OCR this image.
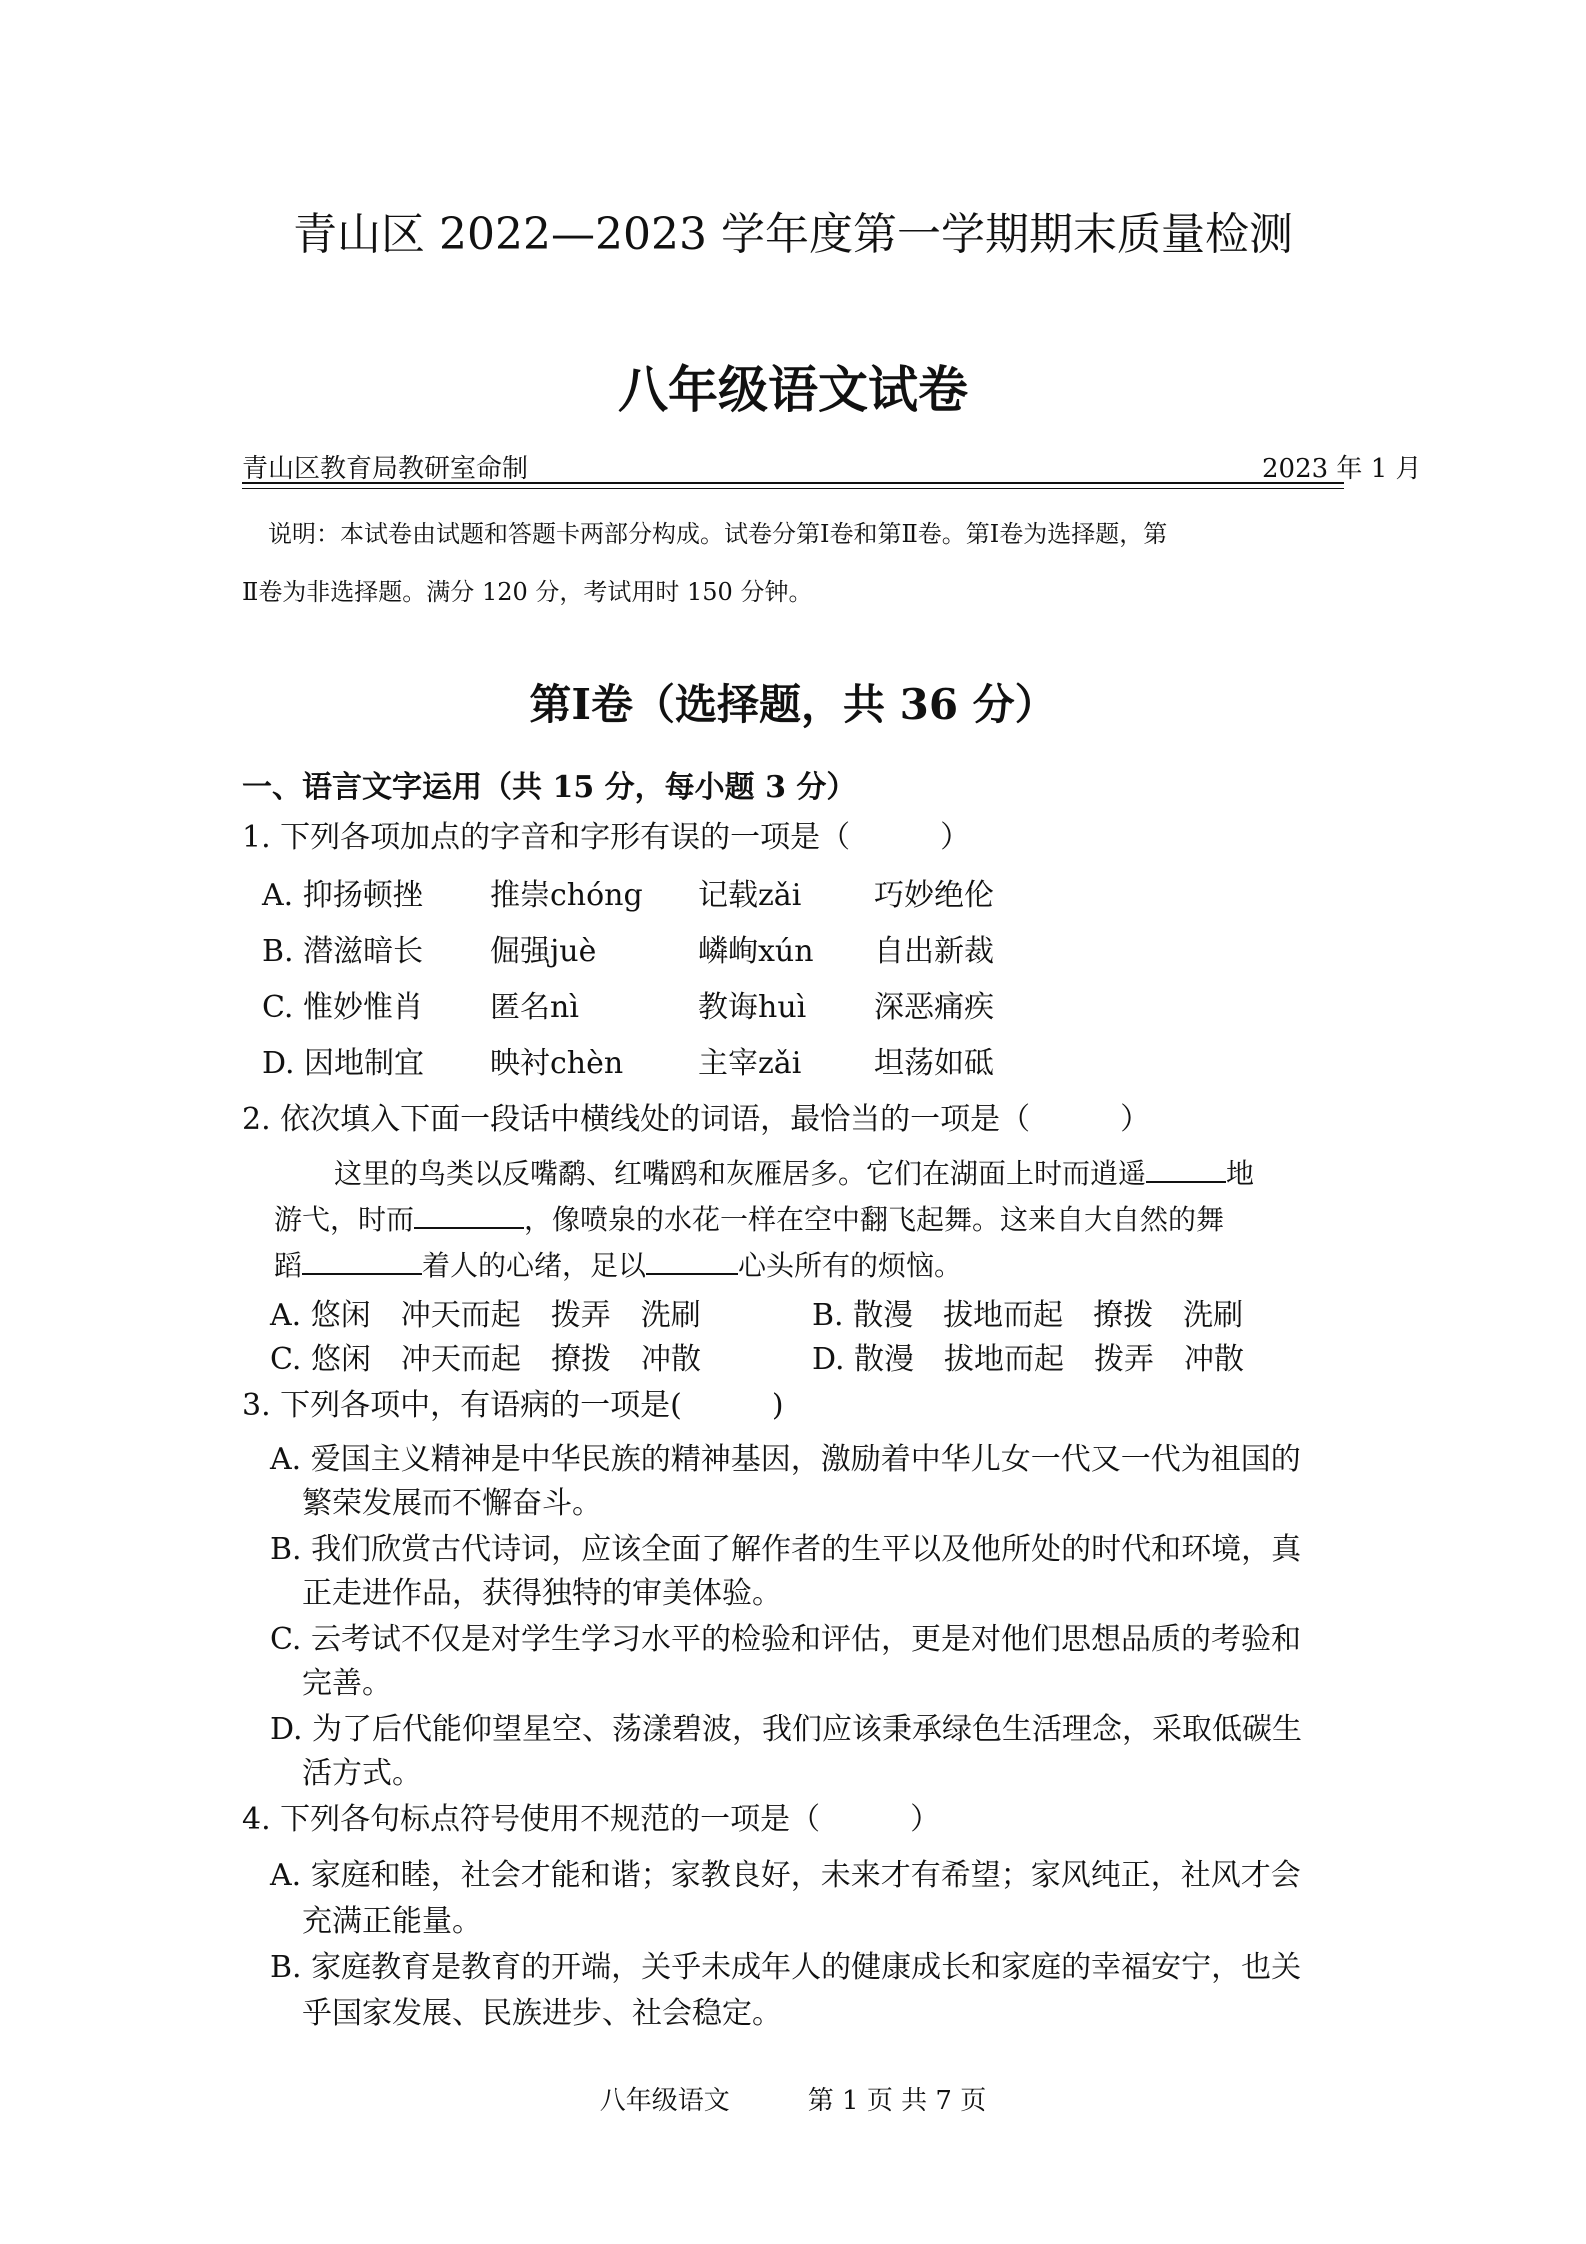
青山区 2022—2023 学年度第一学期期末质量检测
八年级语文试卷
青山区教育局教研室命制	2023 年 1 月
说明：本试卷由试题和答题卡两部分构成。试卷分第Ⅰ卷和第Ⅱ卷。第Ⅰ卷为选择题，第
Ⅱ卷为非选择题。满分 120 分，考试用时 150 分钟。
第Ⅰ卷（选择题，共 36 分）
一、语言文字运用（共 15 分，每小题 3 分）
1. 下列各项加点的字音和字形有误的一项是（　　　）
A. 抑扬顿挫 推崇chóng 记载zǎi 巧妙绝伦
B. 潜滋暗长 倔强juè	嶙峋xún 自出新裁
C. 惟妙惟肖 匿名nì	教诲huì 深恶痛疾
D. 因地制宜 映衬chèn 主宰zǎi 坦荡如砥
2. 依次填入下面一段话中横线处的词语，最恰当的一项是（　　　）
这里的鸟类以反嘴鹬、红嘴鸥和灰雁居多。它们在湖面上时而逍遥	地
游弋，时而	，像喷泉的水花一样在空中翻飞起舞。这来自大自然的舞
蹈	着人的心绪，足以	心头所有的烦恼。
A. 悠闲　冲天而起　拨弄　洗刷	B. 散漫　拔地而起　撩拨　洗刷
C. 悠闲　冲天而起　撩拨　冲散	D. 散漫　拔地而起　拨弄　冲散
3. 下列各项中，有语病的一项是(　　　)
A. 爱国主义精神是中华民族的精神基因，激励着中华儿女一代又一代为祖国的
繁荣发展而不懈奋斗。
B. 我们欣赏古代诗词，应该全面了解作者的生平以及他所处的时代和环境，真
正走进作品，获得独特的审美体验。
C. 云考试不仅是对学生学习水平的检验和评估，更是对他们思想品质的考验和
完善。
D. 为了后代能仰望星空、荡漾碧波，我们应该秉承绿色生活理念，采取低碳生
活方式。
4. 下列各句标点符号使用不规范的一项是（　　　）
A. 家庭和睦，社会才能和谐；家教良好，未来才有希望；家风纯正，社风才会
充满正能量。
B. 家庭教育是教育的开端，关乎未成年人的健康成长和家庭的幸福安宁，也关
乎国家发展、民族进步、社会稳定。
八年级语文　　　	第 1 页 共 7 页
